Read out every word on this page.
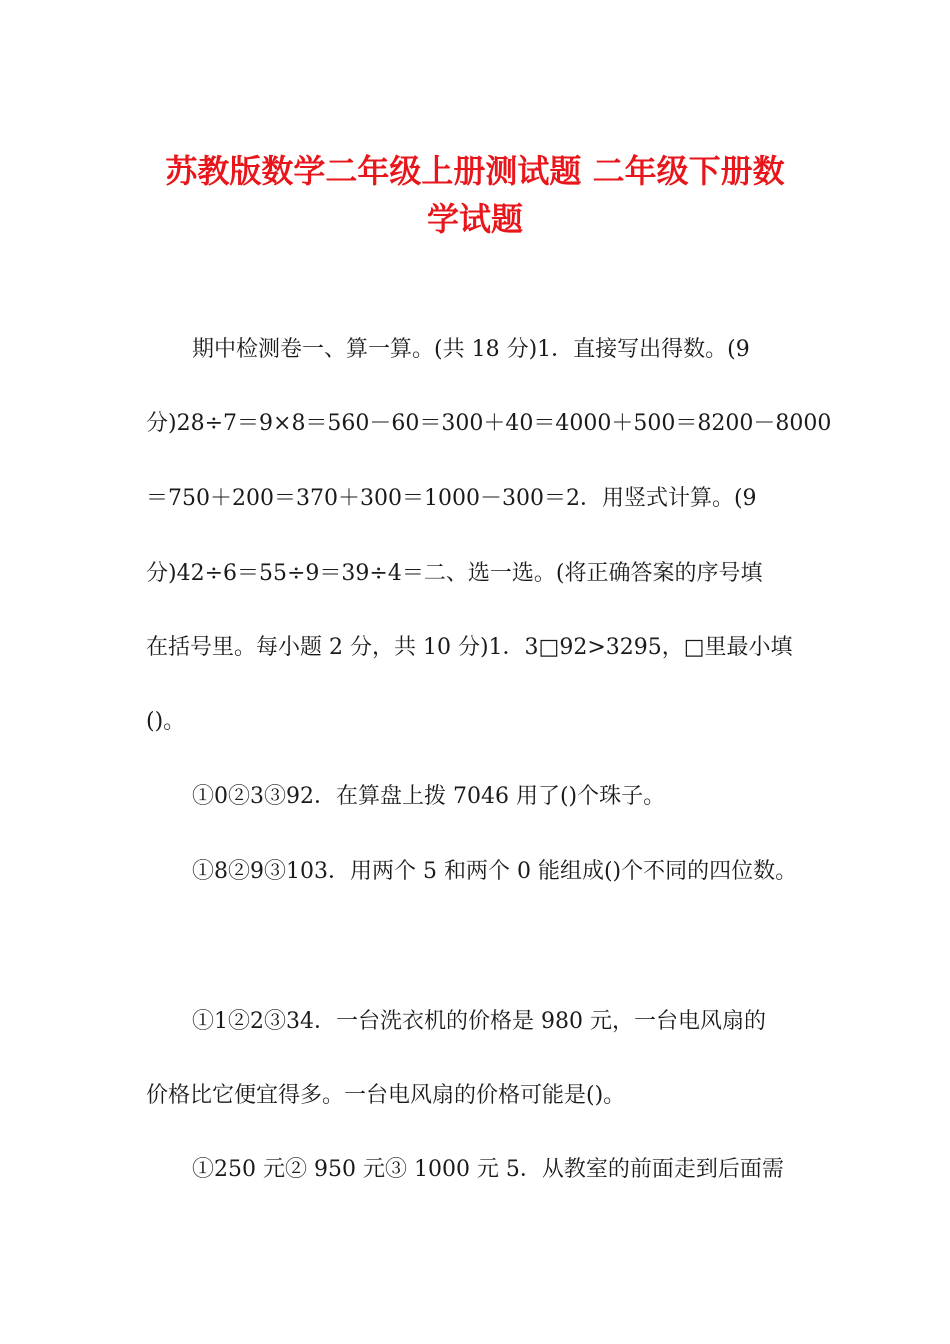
苏教版数学二年级上册测试题 二年级下册数
学试题

期中检测卷一、算一算。(共 18 分)1．直接写出得数。(9

分)28÷7＝9×8＝560－60＝300＋40＝4000＋500＝8200－8000

＝750＋200＝370＋300＝1000－300＝2．用竖式计算。(9

分)42÷6＝55÷9＝39÷4＝二、选一选。(将正确答案的序号填

在括号里。每小题 2 分，共 10 分)1．3□92>3295，□里最小填

()。

①0②3③92．在算盘上拨 7046 用了()个珠子。

①8②9③103．用两个 5 和两个 0 能组成()个不同的四位数。

①1②2③34．一台洗衣机的价格是 980 元，一台电风扇的

价格比它便宜得多。一台电风扇的价格可能是()。

①250 元② 950 元③ 1000 元 5．从教室的前面走到后面需
